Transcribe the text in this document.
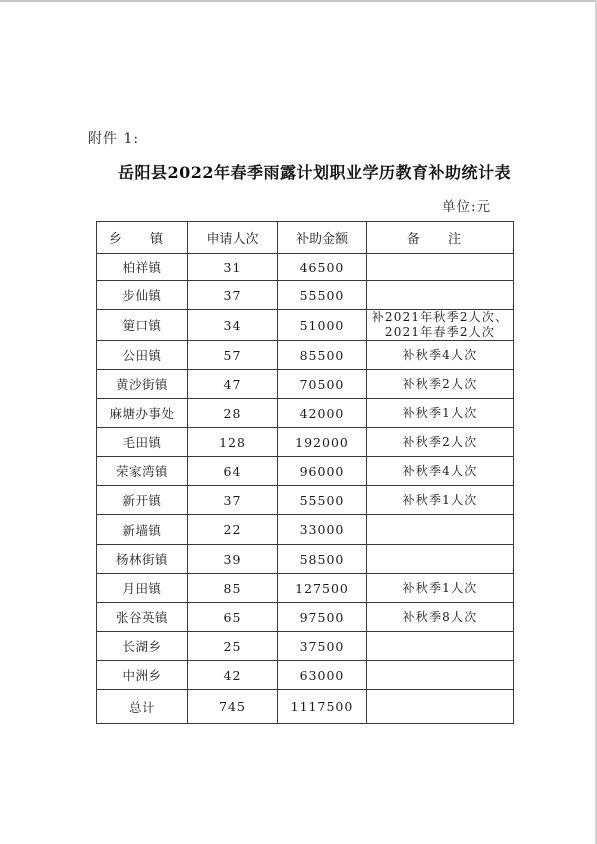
附件 1:
岳阳县2022年春季雨露计划职业学历教育补助统计表
单位:元
乡 镇	申请人次	补助金额	备 注
柏祥镇	31	46500	
步仙镇	37	55500	
筻口镇	34	51000	补2021年秋季2人次、2021年春季2人次
公田镇	57	85500	补秋季4人次
黄沙街镇	47	70500	补秋季2人次
麻塘办事处	28	42000	补秋季1人次
毛田镇	128	192000	补秋季2人次
荣家湾镇	64	96000	补秋季4人次
新开镇	37	55500	补秋季1人次
新墙镇	22	33000	
杨林街镇	39	58500	
月田镇	85	127500	补秋季1人次
张谷英镇	65	97500	补秋季8人次
长湖乡	25	37500	
中洲乡	42	63000	
总计	745	1117500	
